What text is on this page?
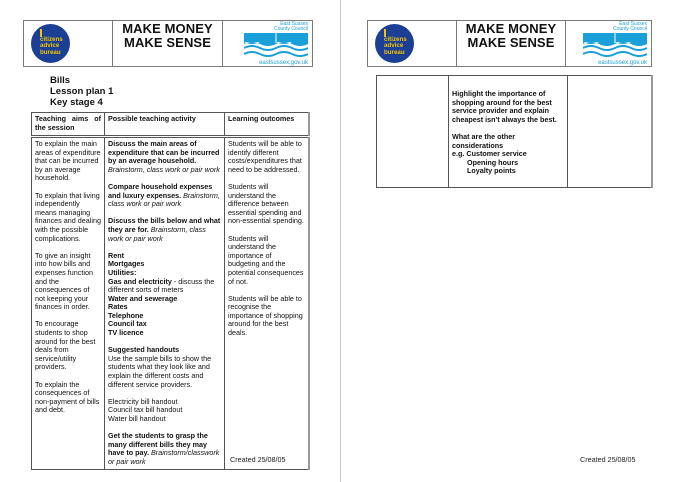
citizens
advice
bureau
MAKE MONEY
MAKE SENSE
East Sussex
County Council
eastsussex.gov.uk
Bills
Lesson plan 1
Key stage 4
Teaching aims of the session	Possible teaching activity	Learning outcomes
To explain the main areas of expenditure that can be incurred by an average household.
To explain that living independently means managing finances and dealing with the possible complications.
To give an insight into how bills and expenses function and the consequences of not keeping your finances in order.
To encourage students to shop around for the best deals from service/utility providers.
To explain the consequences of non-payment of bills and debt.

Discuss the main areas of expenditure that can be incurred by an average household. Brainstorm, class work or pair work
Compare household expenses and luxury expenses. Brainstorm, class work or pair work
Discuss the bills below and what they are for. Brainstorm, class work or pair work
Rent
Mortgages
Utilities:
Gas and electricity - discuss the different sorts of meters
Water and sewerage
Rates
Telephone
Council tax
TV licence
Suggested handouts
Use the sample bills to show the students what they look like and explain the different costs and different service providers.
Electricity bill handout
Council tax bill handout
Water bill handout
Get the students to grasp the many different bills they may have to pay. Brainstorm/classwork or pair work

Students will be able to identify different costs/expenditures that need to be addressed.
Students will understand the difference between essential spending and non-essential spending.
Students will understand the importance of budgeting and the potential consequences of not.
Students will be able to recognise the importance of shopping around for the best deals.
Created 25/08/05
citizens
advice
bureau
MAKE MONEY
MAKE SENSE
East Sussex
County Council
eastsussex.gov.uk

Highlight the importance of shopping around for the best service provider and explain cheapest isn't always the best.
What are the other considerations
e.g. Customer service
Opening hours
Loyalty points

Created 25/08/05
